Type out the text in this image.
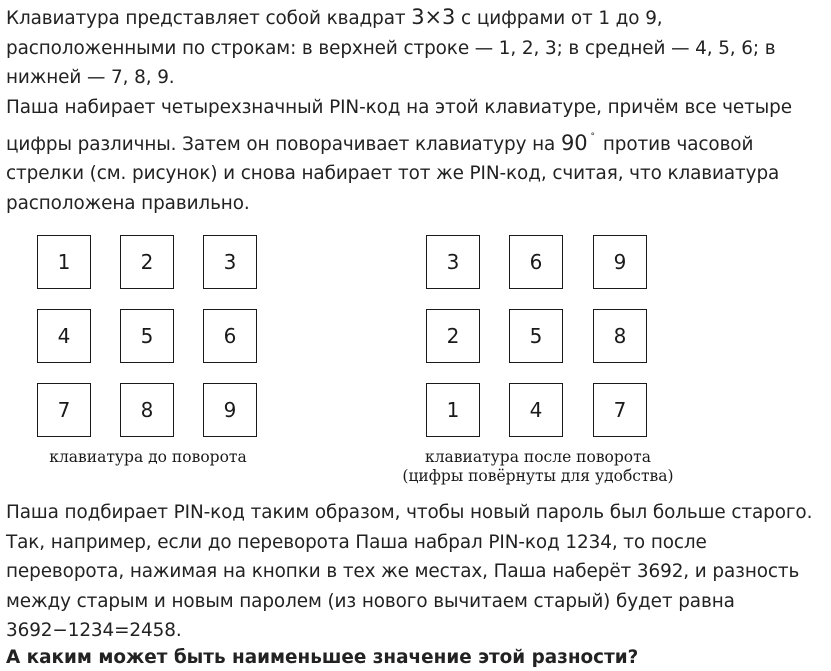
Клавиатура представляет собой квадрат 3×3 с цифрами от 1 до 9, расположенными по строкам: в верхней строке — 1, 2, 3; в средней — 4, 5, 6; в нижней — 7, 8, 9.
Паша набирает четырехзначный PIN-код на этой клавиатуре, причём все четыре цифры различны. Затем он поворачивает клавиатуру на 90 ° против часовой стрелки (см. рисунок) и снова набирает тот же PIN-код, считая, что клавиатура расположена правильно.
1	2	3
4	5	6
7	8	9
клавиатура до поворота
3	6	9
2	5	8
1	4	7
клавиатура после поворота
(цифры повёрнуты для удобства)
Паша подбирает PIN-код таким образом, чтобы новый пароль был больше старого. Так, например, если до переворота Паша набрал PIN-код 1234, то после переворота, нажимая на кнопки в тех же местах, Паша наберёт 3692, и разность между старым и новым паролем (из нового вычитаем старый) будет равна 3692−1234=2458.
А каким может быть наименьшее значение этой разности?
